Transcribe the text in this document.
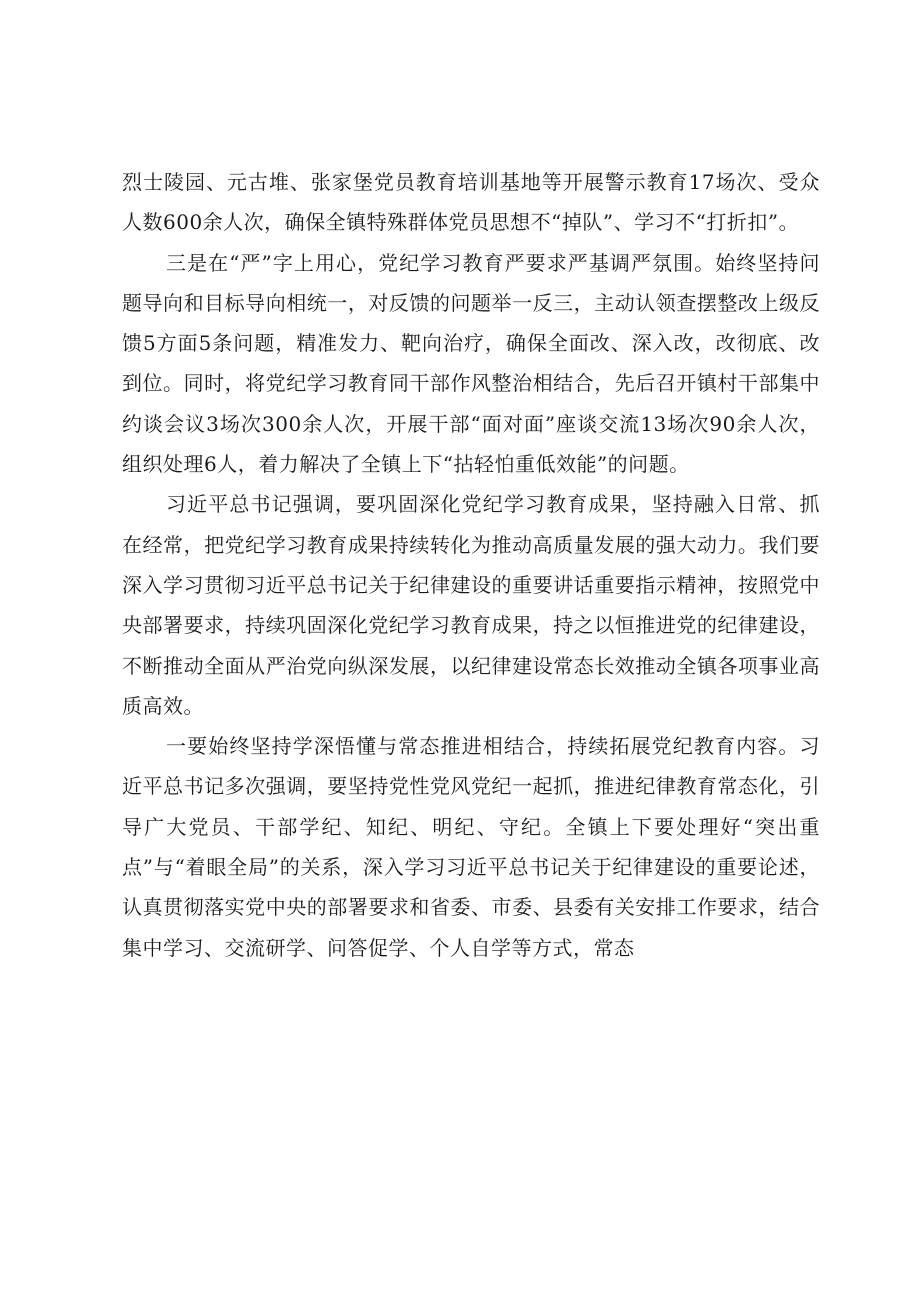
烈士陵园、元古堆、张家堡党员教育培训基地等开展警示教育17场次、受众人数600余人次，确保全镇特殊群体党员思想不“掉队”、学习不“打折扣”。

三是在“严”字上用心，党纪学习教育严要求严基调严氛围。始终坚持问题导向和目标导向相统一，对反馈的问题举一反三，主动认领查摆整改上级反馈5方面5条问题，精准发力、靶向治疗，确保全面改、深入改，改彻底、改到位。同时，将党纪学习教育同干部作风整治相结合，先后召开镇村干部集中约谈会议3场次300余人次，开展干部“面对面”座谈交流13场次90余人次，组织处理6人，着力解决了全镇上下“拈轻怕重低效能”的问题。

习近平总书记强调，要巩固深化党纪学习教育成果，坚持融入日常、抓在经常，把党纪学习教育成果持续转化为推动高质量发展的强大动力。我们要深入学习贯彻习近平总书记关于纪律建设的重要讲话重要指示精神，按照党中央部署要求，持续巩固深化党纪学习教育成果，持之以恒推进党的纪律建设，不断推动全面从严治党向纵深发展，以纪律建设常态长效推动全镇各项事业高质高效。

一要始终坚持学深悟懂与常态推进相结合，持续拓展党纪教育内容。习近平总书记多次强调，要坚持党性党风党纪一起抓，推进纪律教育常态化，引导广大党员、干部学纪、知纪、明纪、守纪。全镇上下要处理好“突出重点”与“着眼全局”的关系，深入学习习近平总书记关于纪律建设的重要论述，认真贯彻落实党中央的部署要求和省委、市委、县委有关安排工作要求，结合集中学习、交流研学、问答促学、个人自学等方式，常态
